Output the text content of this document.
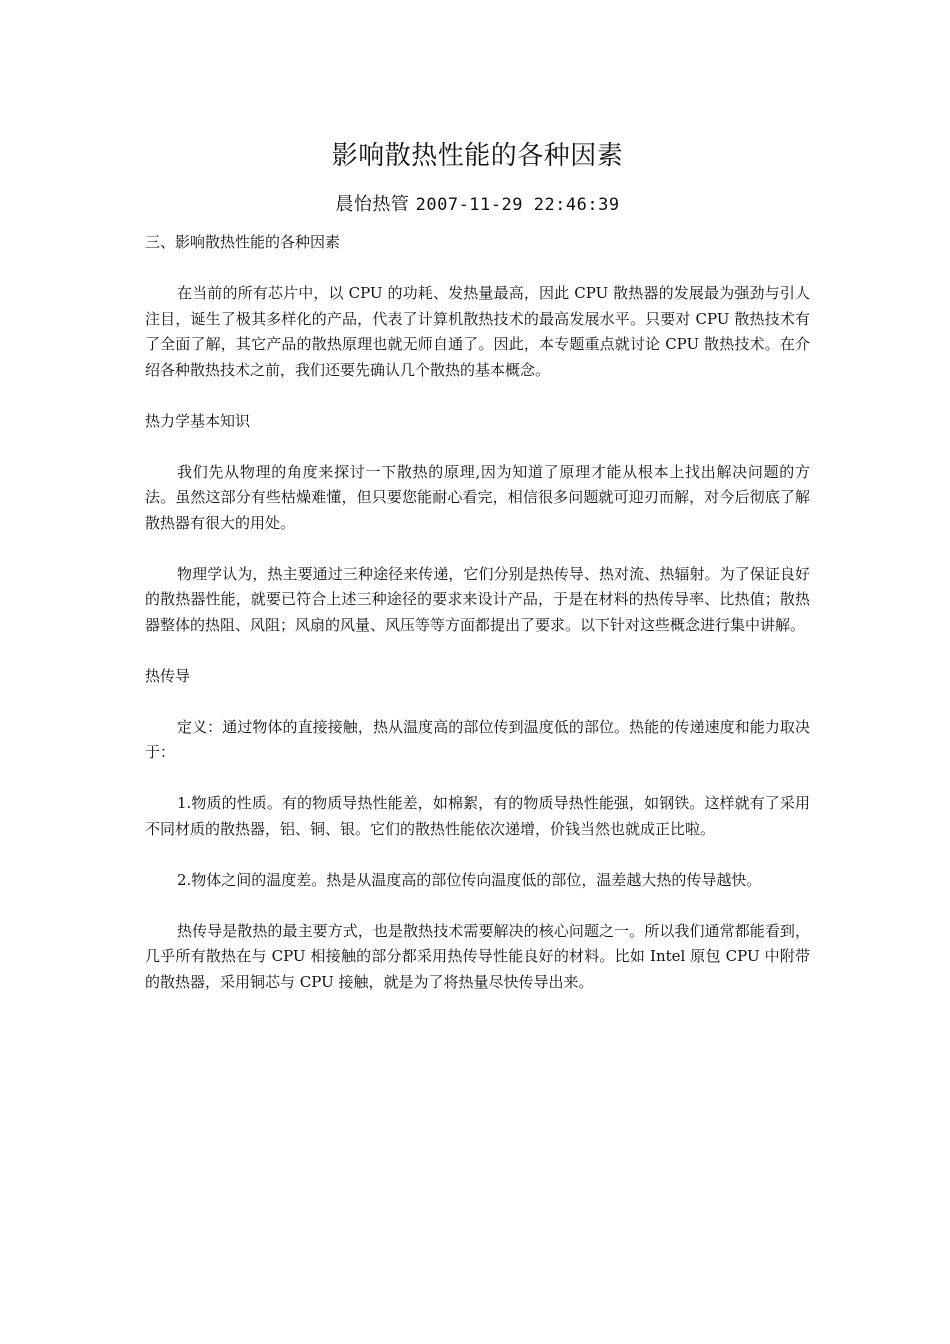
影响散热性能的各种因素
晨怡热管 2007-11-29 22:46:39

三、影响散热性能的各种因素

在当前的所有芯片中，以 CPU 的功耗、发热量最高，因此 CPU 散热器的发展最为强劲与引人注目，诞生了极其多样化的产品，代表了计算机散热技术的最高发展水平。只要对 CPU 散热技术有了全面了解，其它产品的散热原理也就无师自通了。因此，本专题重点就讨论 CPU 散热技术。在介绍各种散热技术之前，我们还要先确认几个散热的基本概念。

热力学基本知识

我们先从物理的角度来探讨一下散热的原理,因为知道了原理才能从根本上找出解决问题的方法。虽然这部分有些枯燥难懂，但只要您能耐心看完，相信很多问题就可迎刃而解，对今后彻底了解散热器有很大的用处。

物理学认为，热主要通过三种途径来传递，它们分别是热传导、热对流、热辐射。为了保证良好的散热器性能，就要已符合上述三种途径的要求来设计产品，于是在材料的热传导率、比热值；散热器整体的热阻、风阻；风扇的风量、风压等等方面都提出了要求。以下针对这些概念进行集中讲解。

热传导

定义：通过物体的直接接触，热从温度高的部位传到温度低的部位。热能的传递速度和能力取决于：

1.物质的性质。有的物质导热性能差，如棉絮，有的物质导热性能强，如钢铁。这样就有了采用不同材质的散热器，铝、铜、银。它们的散热性能依次递增，价钱当然也就成正比啦。

2.物体之间的温度差。热是从温度高的部位传向温度低的部位，温差越大热的传导越快。

热传导是散热的最主要方式，也是散热技术需要解决的核心问题之一。所以我们通常都能看到，几乎所有散热在与 CPU 相接触的部分都采用热传导性能良好的材料。比如 Intel 原包 CPU 中附带的散热器，采用铜芯与 CPU 接触，就是为了将热量尽快传导出来。
